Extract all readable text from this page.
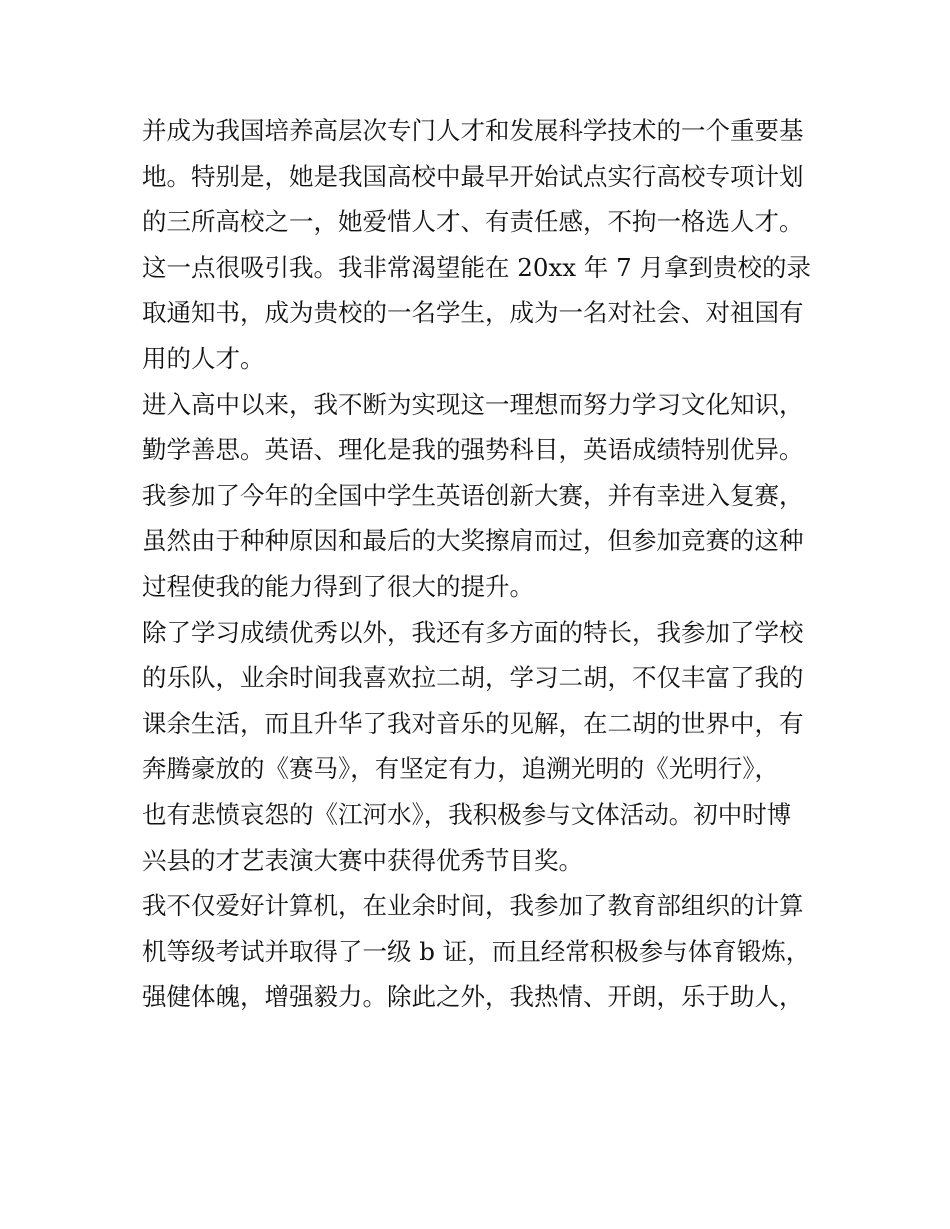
并成为我国培养高层次专门人才和发展科学技术的一个重要基
地。特别是，她是我国高校中最早开始试点实行高校专项计划
的三所高校之一，她爱惜人才、有责任感，不拘一格选人才。
这一点很吸引我。我非常渴望能在 20xx 年 7 月拿到贵校的录
取通知书，成为贵校的一名学生，成为一名对社会、对祖国有
用的人才。
进入高中以来，我不断为实现这一理想而努力学习文化知识，
勤学善思。英语、理化是我的强势科目，英语成绩特别优异。
我参加了今年的全国中学生英语创新大赛，并有幸进入复赛，
虽然由于种种原因和最后的大奖擦肩而过，但参加竞赛的这种
过程使我的能力得到了很大的提升。
除了学习成绩优秀以外，我还有多方面的特长，我参加了学校
的乐队，业余时间我喜欢拉二胡，学习二胡，不仅丰富了我的
课余生活，而且升华了我对音乐的见解，在二胡的世界中，有
奔腾豪放的《赛马》，有坚定有力，追溯光明的《光明行》，
也有悲愤哀怨的《江河水》，我积极参与文体活动。初中时博
兴县的才艺表演大赛中获得优秀节目奖。
我不仅爱好计算机，在业余时间，我参加了教育部组织的计算
机等级考试并取得了一级 b 证，而且经常积极参与体育锻炼，
强健体魄，增强毅力。除此之外，我热情、开朗，乐于助人，
